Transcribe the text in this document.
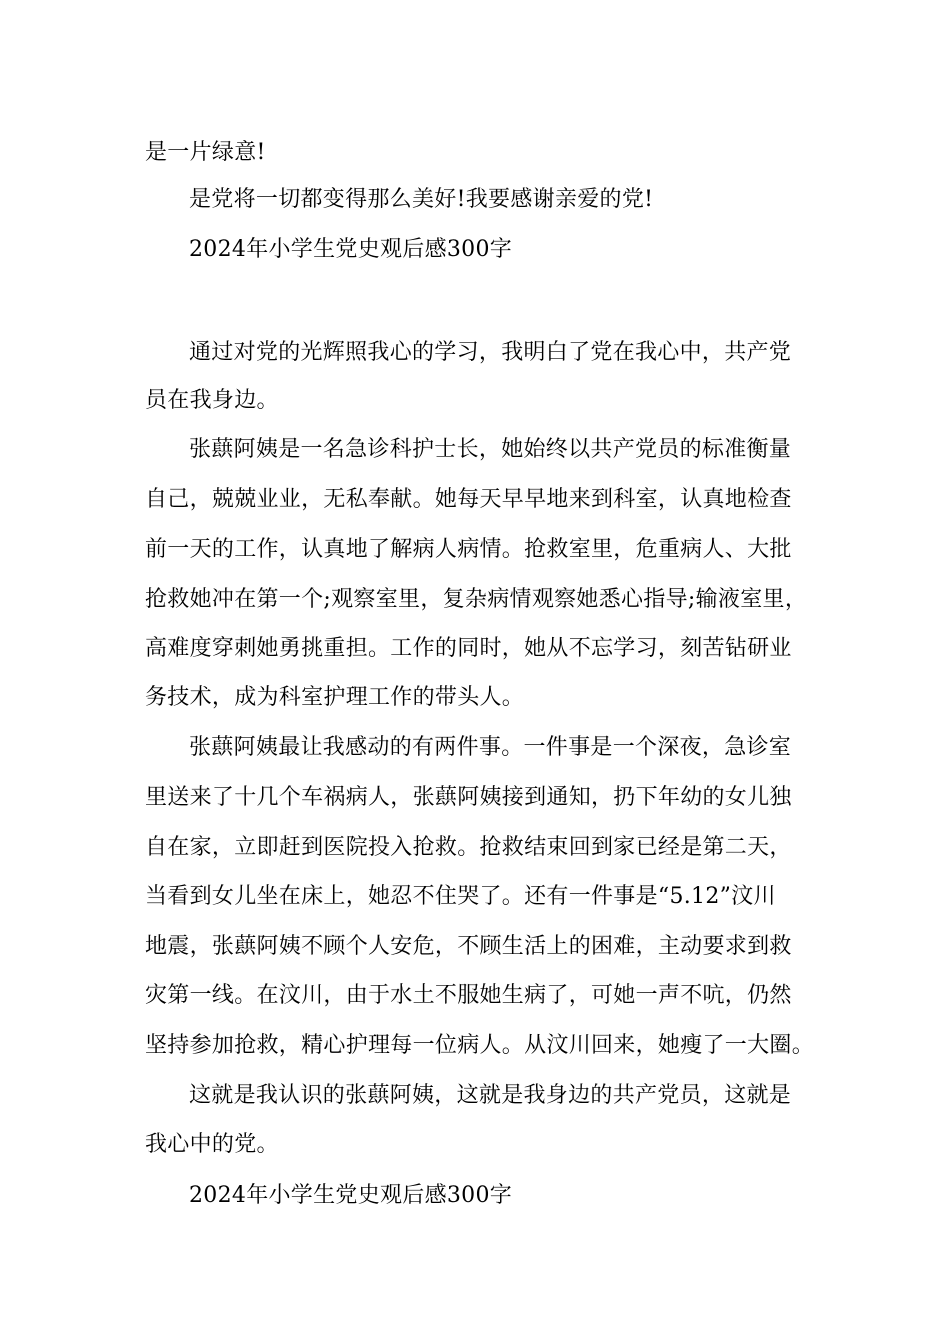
是一片绿意!
是党将一切都变得那么美好!我要感谢亲爱的党!
2024年小学生党史观后感300字
通过对党的光辉照我心的学习，我明白了党在我心中，共产党
员在我身边。
张蕻阿姨是一名急诊科护士长，她始终以共产党员的标准衡量
自己，兢兢业业，无私奉献。她每天早早地来到科室，认真地检查
前一天的工作，认真地了解病人病情。抢救室里，危重病人、大批
抢救她冲在第一个;观察室里，复杂病情观察她悉心指导;输液室里，
高难度穿刺她勇挑重担。工作的同时，她从不忘学习，刻苦钻研业
务技术，成为科室护理工作的带头人。
张蕻阿姨最让我感动的有两件事。一件事是一个深夜，急诊室
里送来了十几个车祸病人，张蕻阿姨接到通知，扔下年幼的女儿独
自在家，立即赶到医院投入抢救。抢救结束回到家已经是第二天，
当看到女儿坐在床上，她忍不住哭了。还有一件事是“5.12”汶川
地震，张蕻阿姨不顾个人安危，不顾生活上的困难，主动要求到救
灾第一线。在汶川，由于水土不服她生病了，可她一声不吭，仍然
坚持参加抢救，精心护理每一位病人。从汶川回来，她瘦了一大圈。
这就是我认识的张蕻阿姨，这就是我身边的共产党员，这就是
我心中的党。
2024年小学生党史观后感300字
